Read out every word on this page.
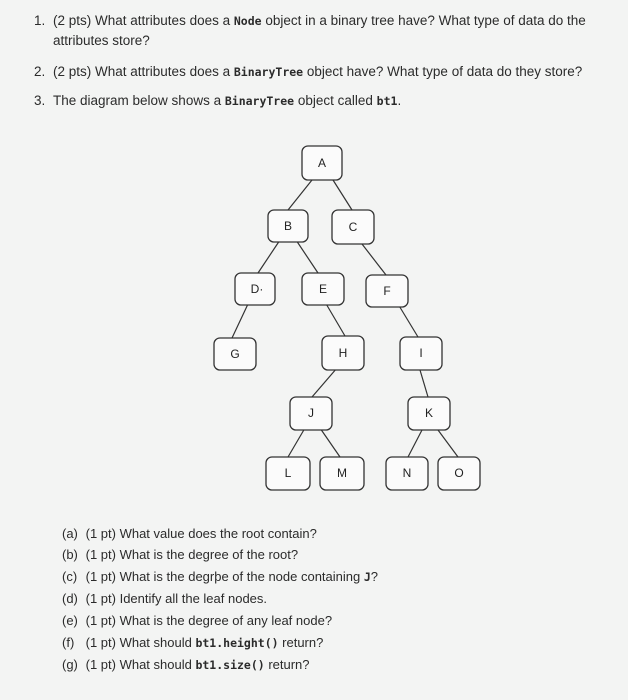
1. (2 pts) What attributes does a Node object in a binary tree have? What type of data do the
attributes store?
2. (2 pts) What attributes does a BinaryTree object have? What type of data do they store?
3. The diagram below shows a BinaryTree object called bt1.
A
B	C
D·	E	F
G	H	I
J	K
L	M	N	O
(a) (1 pt) What value does the root contain?
(b) (1 pt) What is the degree of the root?
(c) (1 pt) What is the degrþe of the node containing J?
(d) (1 pt) Identify all the leaf nodes.
(e) (1 pt) What is the degree of any leaf node?
(f) (1 pt) What should bt1.height() return?
(g) (1 pt) What should bt1.size() return?
